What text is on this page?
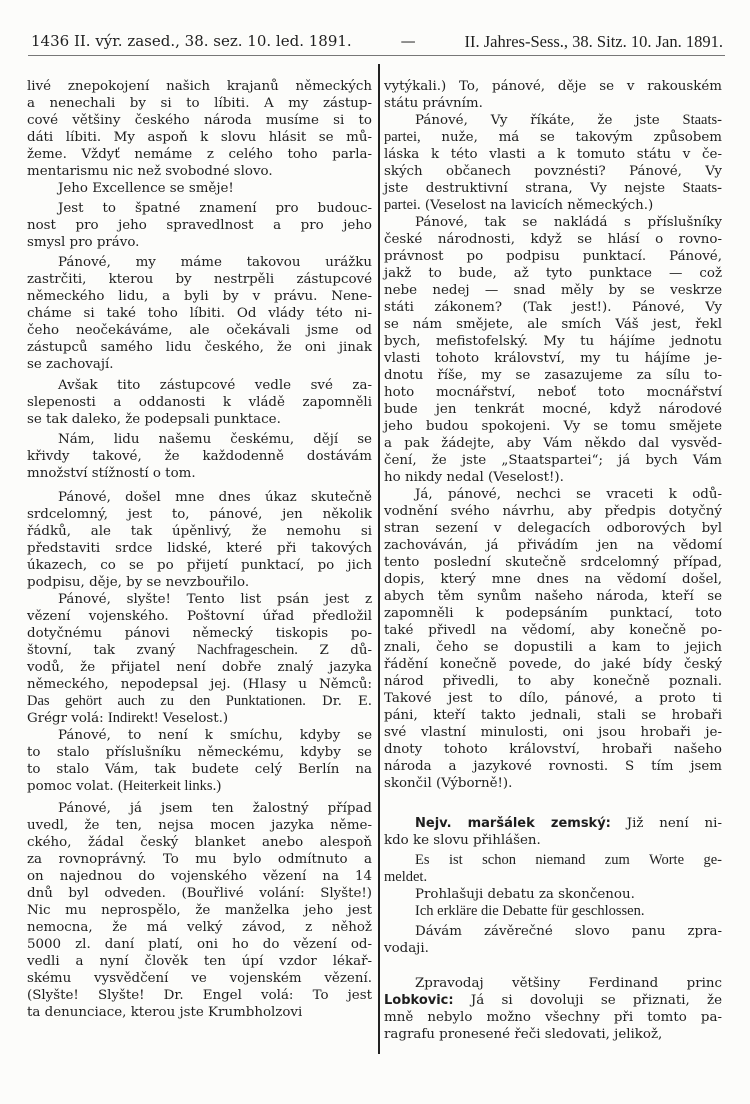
1436 II. výr. zased., 38. sez. 10. led. 1891.	—	II. Jahres-Sess., 38. Sitz. 10. Jan. 1891.
livé znepokojení našich krajanů německých
a nenechali by si to líbiti. A my zástup-
cové většiny českého národa musíme si to
dáti líbiti. My aspoň k slovu hlásit se mů-
žeme. Vždyť nemáme z celého toho parla-
mentarismu nic než svobodné slovo.
Jeho Excellence se směje!
Jest to špatné znamení pro budouc-
nost pro jeho spravedlnost a pro jeho
smysl pro právo.
Pánové, my máme takovou urážku
zastrčiti, kterou by nestrpěli zástupcové
německého lidu, a byli by v právu. Nene-
cháme si také toho líbiti. Od vlády této ni-
čeho neočekáváme, ale očekávali jsme od
zástupců samého lidu českého, že oni jinak
se zachovají.
Avšak tito zástupcové vedle své za-
slepenosti a oddanosti k vládě zapomněli
se tak daleko, že podepsali punktace.
Nám, lidu našemu českému, dějí se
křivdy takové, že každodenně dostávám
množství stížností o tom.
Pánové, došel mne dnes úkaz skutečně
srdcelomný, jest to, pánové, jen několik
řádků, ale tak úpěnlivý, že nemohu si
představiti srdce lidské, které při takových
úkazech, co se po přijetí punktací, po jich
podpisu, děje, by se nevzbouřilo.
Pánové, slyšte! Tento list psán jest z
vězení vojenského. Poštovní úřad předložil
dotyčnému pánovi německý tiskopis po-
štovní, tak zvaný Nachfrageschein. Z dů-
vodů, že přijatel není dobře znalý jazyka
německého, nepodepsal jej. (Hlasy u Němců:
Das gehört auch zu den Punktationen. Dr. E.
Grégr volá: Indirekt! Veselost.)
Pánové, to není k smíchu, kdyby se
to stalo příslušníku německému, kdyby se
to stalo Vám, tak budete celý Berlín na
pomoc volat. (Heiterkeit links.)
Pánové, já jsem ten žalostný případ
uvedl, že ten, nejsa mocen jazyka něme-
ckého, žádal český blanket anebo alespoň
za rovnoprávný. To mu bylo odmítnuto a
on najednou do vojenského vězení na 14
dnů byl odveden. (Bouřlivé volání: Slyšte!)
Nic mu neprospělo, že manželka jeho jest
nemocna, že má velký závod, z něhož
5000 zl. daní platí, oni ho do vězení od-
vedli a nyní člověk ten úpí vzdor lékař-
skému vysvědčení ve vojenském vězení.
(Slyšte! Slyšte! Dr. Engel volá: To jest
ta denunciace, kterou jste Krumbholzovi
vytýkali.) To, pánové, děje se v rakouském
státu právním.
Pánové, Vy říkáte, že jste Staats-
partei, nuže, má se takovým způsobem
láska k této vlasti a k tomuto státu v če-
ských občanech povznésti? Pánové, Vy
jste destruktivní strana, Vy nejste Staats-
partei. (Veselost na lavicích německých.)
Pánové, tak se nakládá s příslušníky
české národnosti, když se hlásí o rovno-
právnost po podpisu punktací. Pánové,
jakž to bude, až tyto punktace — což
nebe nedej — snad měly by se veskrze
státi zákonem? (Tak jest!). Pánové, Vy
se nám smějete, ale smích Váš jest, řekl
bych, mefistofelský. My tu hájíme jednotu
vlasti tohoto království, my tu hájíme je-
dnotu říše, my se zasazujeme za sílu to-
hoto mocnářství, neboť toto mocnářství
bude jen tenkrát mocné, když národové
jeho budou spokojeni. Vy se tomu smějete
a pak žádejte, aby Vám někdo dal vysvěd-
čení, že jste „Staatspartei“; já bych Vám
ho nikdy nedal (Veselost!).
Já, pánové, nechci se vraceti k odů-
vodnění svého návrhu, aby předpis dotyčný
stran sezení v delegacích odborových byl
zachováván, já přivádím jen na vědomí
tento poslední skutečně srdcelomný případ,
dopis, který mne dnes na vědomí došel,
abych těm synům našeho národa, kteří se
zapomněli k podepsáním punktací, toto
také přivedl na vědomí, aby konečně po-
znali, čeho se dopustili a kam to jejich
řádění konečně povede, do jaké bídy český
národ přivedli, to aby konečně poznali.
Takové jest to dílo, pánové, a proto ti
páni, kteří takto jednali, stali se hrobaři
své vlastní minulosti, oni jsou hrobaři je-
dnoty tohoto království, hrobaři našeho
národa a jazykové rovnosti. S tím jsem
skončil (Výborně!).
Nejv. maršálek zemský: Již není ni-
kdo ke slovu přihlášen.
Es ist schon niemand zum Worte ge-
meldet.
Prohlašuji debatu za skončenou.
Ich erkläre die Debatte für geschlossen.
Dávám závěrečné slovo panu zpra-
vodaji.
Zpravodaj většiny Ferdinand princ
Lobkovic: Já si dovoluji se přiznati, že
mně nebylo možno všechny při tomto pa-
ragrafu pronesené řeči sledovati, jelikož,
